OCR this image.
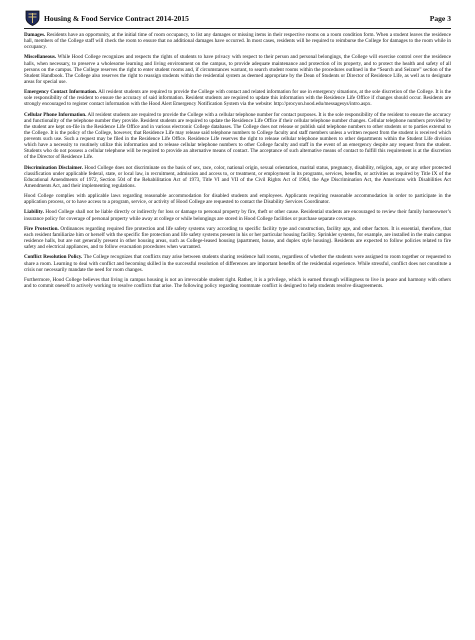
Housing & Food Service Contract 2014-2015	Page 3

Damages. Residents have an opportunity, at the initial time of room occupancy, to list any damages or missing items in their respective rooms on a room condition form. When a student leaves the residence hall, members of the College staff will check the room to ensure that no additional damages have occurred. In most cases, residents will be required to reimburse the College for damages to the room while in occupancy.

Miscellaneous. While Hood College recognizes and respects the rights of students to have privacy with respect to their person and personal belongings, the College will exercise control over the residence halls, when necessary, to preserve a wholesome learning and living environment on the campus, to provide adequate maintenance and protection of its property, and to protect the health and safety of all persons on the campus. The College reserves the right to enter student rooms and, if circumstances warrant, to search student rooms within the procedures outlined in the “Search and Seizure” section of the Student Handbook. The College also reserves the right to reassign students within the residential system as deemed appropriate by the Dean of Students or Director of Residence Life, as well as to designate areas for special use.

Emergency Contact Information. All resident students are required to provide the College with contact and related information for use in emergency situations, at the sole discretion of the College. It is the sole responsibility of the resident to ensure the accuracy of said information. Resident students are required to update this information with the Residence Life Office if changes should occur. Residents are strongly encouraged to register contact information with the Hood Alert Emergency Notification System via the website: http://procyon.hood.edu/messagesys/intro.aspx.

Cellular Phone Information. All resident students are required to provide the College with a cellular telephone number for contact purposes. It is the sole responsibility of the resident to ensure the accuracy and functionality of the telephone number they provide. Resident students are required to update the Residence Life Office if their cellular telephone number changes. Cellular telephone numbers provided by the student are kept on-file in the Residence Life Office and in various electronic College databases. The College does not release or publish said telephone numbers to other students or to parties external to the College. It is the policy of the College, however, that Residence Life may release said telephone numbers to College faculty and staff members unless a written request from the student is received which prevents such use. Such a request may be filed in the Residence Life Office. Residence Life reserves the right to release cellular telephone numbers to other departments within the Student Life division which have a necessity to routinely utilize this information and to release cellular telephone numbers to other College faculty and staff in the event of an emergency despite any request from the student. Students who do not possess a cellular telephone will be required to provide an alternative means of contact. The acceptance of such alternative means of contact to fulfill this requirement is at the discretion of the Director of Residence Life.

Discrimination Disclaimer. Hood College does not discriminate on the basis of sex, race, color, national origin, sexual orientation, marital status, pregnancy, disability, religion, age, or any other protected classification under applicable federal, state, or local law, in recruitment, admission and access to, or treatment, or employment in its programs, services, benefits, or activities as required by Title IX of the Educational Amendments of 1972, Section 504 of the Rehabilitation Act of 1973, Title VI and VII of the Civil Rights Act of 1964, the Age Discrimination Act, the Americans with Disabilities Act Amendments Act, and their implementing regulations.

Hood College complies with applicable laws regarding reasonable accommodation for disabled students and employees. Applicants requiring reasonable accommodation in order to participate in the application process, or to have access to a program, service, or activity of Hood College are requested to contact the Disability Services Coordinator.

Liability. Hood College shall not be liable directly or indirectly for loss or damage to personal property by fire, theft or other cause. Residential students are encouraged to review their family homeowner’s insurance policy for coverage of personal property while away at college or while belongings are stored in Hood College facilities or purchase separate coverage.

Fire Protection. Ordinances regarding required fire protection and life safety systems vary according to specific facility type and construction, facility age, and other factors. It is essential, therefore, that each resident familiarize him or herself with the specific fire protection and life safety systems present in his or her particular housing facility. Sprinkler systems, for example, are installed in the main campus residence halls, but are not generally present in other housing areas, such as College-leased housing (apartment, house, and duplex style housing). Residents are expected to follow policies related to fire safety and electrical appliances, and to follow evacuation procedures when warranted.

Conflict Resolution Policy. The College recognizes that conflicts may arise between students sharing residence hall rooms, regardless of whether the students were assigned to room together or requested to share a room. Learning to deal with conflict and becoming skilled in the successful resolution of differences are important benefits of the residential experience. While stressful, conflict does not constitute a crisis nor necessarily mandate the need for room changes.

Furthermore, Hood College believes that living in campus housing is not an irrevocable student right. Rather, it is a privilege, which is earned through willingness to live in peace and harmony with others and to commit oneself to actively working to resolve conflicts that arise. The following policy regarding roommate conflict is designed to help students resolve disagreements.
